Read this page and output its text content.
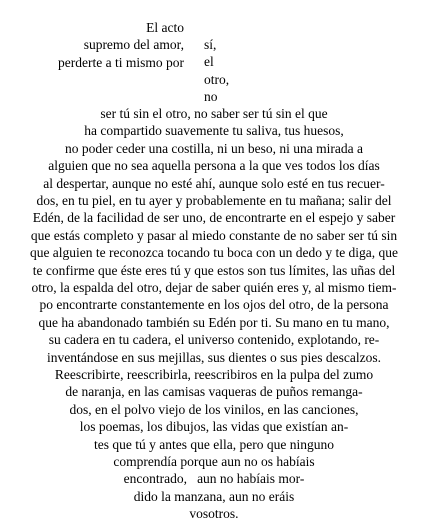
El acto
supremo del amor,
perderte a ti mismo por
sí,
el
otro,
no
ser tú sin el otro, no saber ser tú sin el que
ha compartido suavemente tu saliva, tus huesos,
no poder ceder una costilla, ni un beso, ni una mirada a
alguien que no sea aquella persona a la que ves todos los días
al despertar, aunque no esté ahí, aunque solo esté en tus recuer-
dos, en tu piel, en tu ayer y probablemente en tu mañana; salir del
Edén, de la facilidad de ser uno, de encontrarte en el espejo y saber
que estás completo y pasar al miedo constante de no saber ser tú sin
que alguien te reconozca tocando tu boca con un dedo y te diga, que
te confirme que éste eres tú y que estos son tus límites, las uñas del
otro, la espalda del otro, dejar de saber quién eres y, al mismo tiem-
po encontrarte constantemente en los ojos del otro, de la persona
que ha abandonado también su Edén por ti. Su mano en tu mano,
su cadera en tu cadera, el universo contenido, explotando, re-
inventándose en sus mejillas, sus dientes o sus pies descalzos.
Reescribirte, reescribirla, reescribiros en la pulpa del zumo
de naranja, en las camisas vaqueras de puños remanga-
dos, en el polvo viejo de los vinilos, en las canciones,
los poemas, los dibujos, las vidas que existían an-
tes que tú y antes que ella, pero que ninguno
comprendía porque aun no os habíais
encontrado,   aun no habíais mor-
dido la manzana, aun no eráis
vosotros.
